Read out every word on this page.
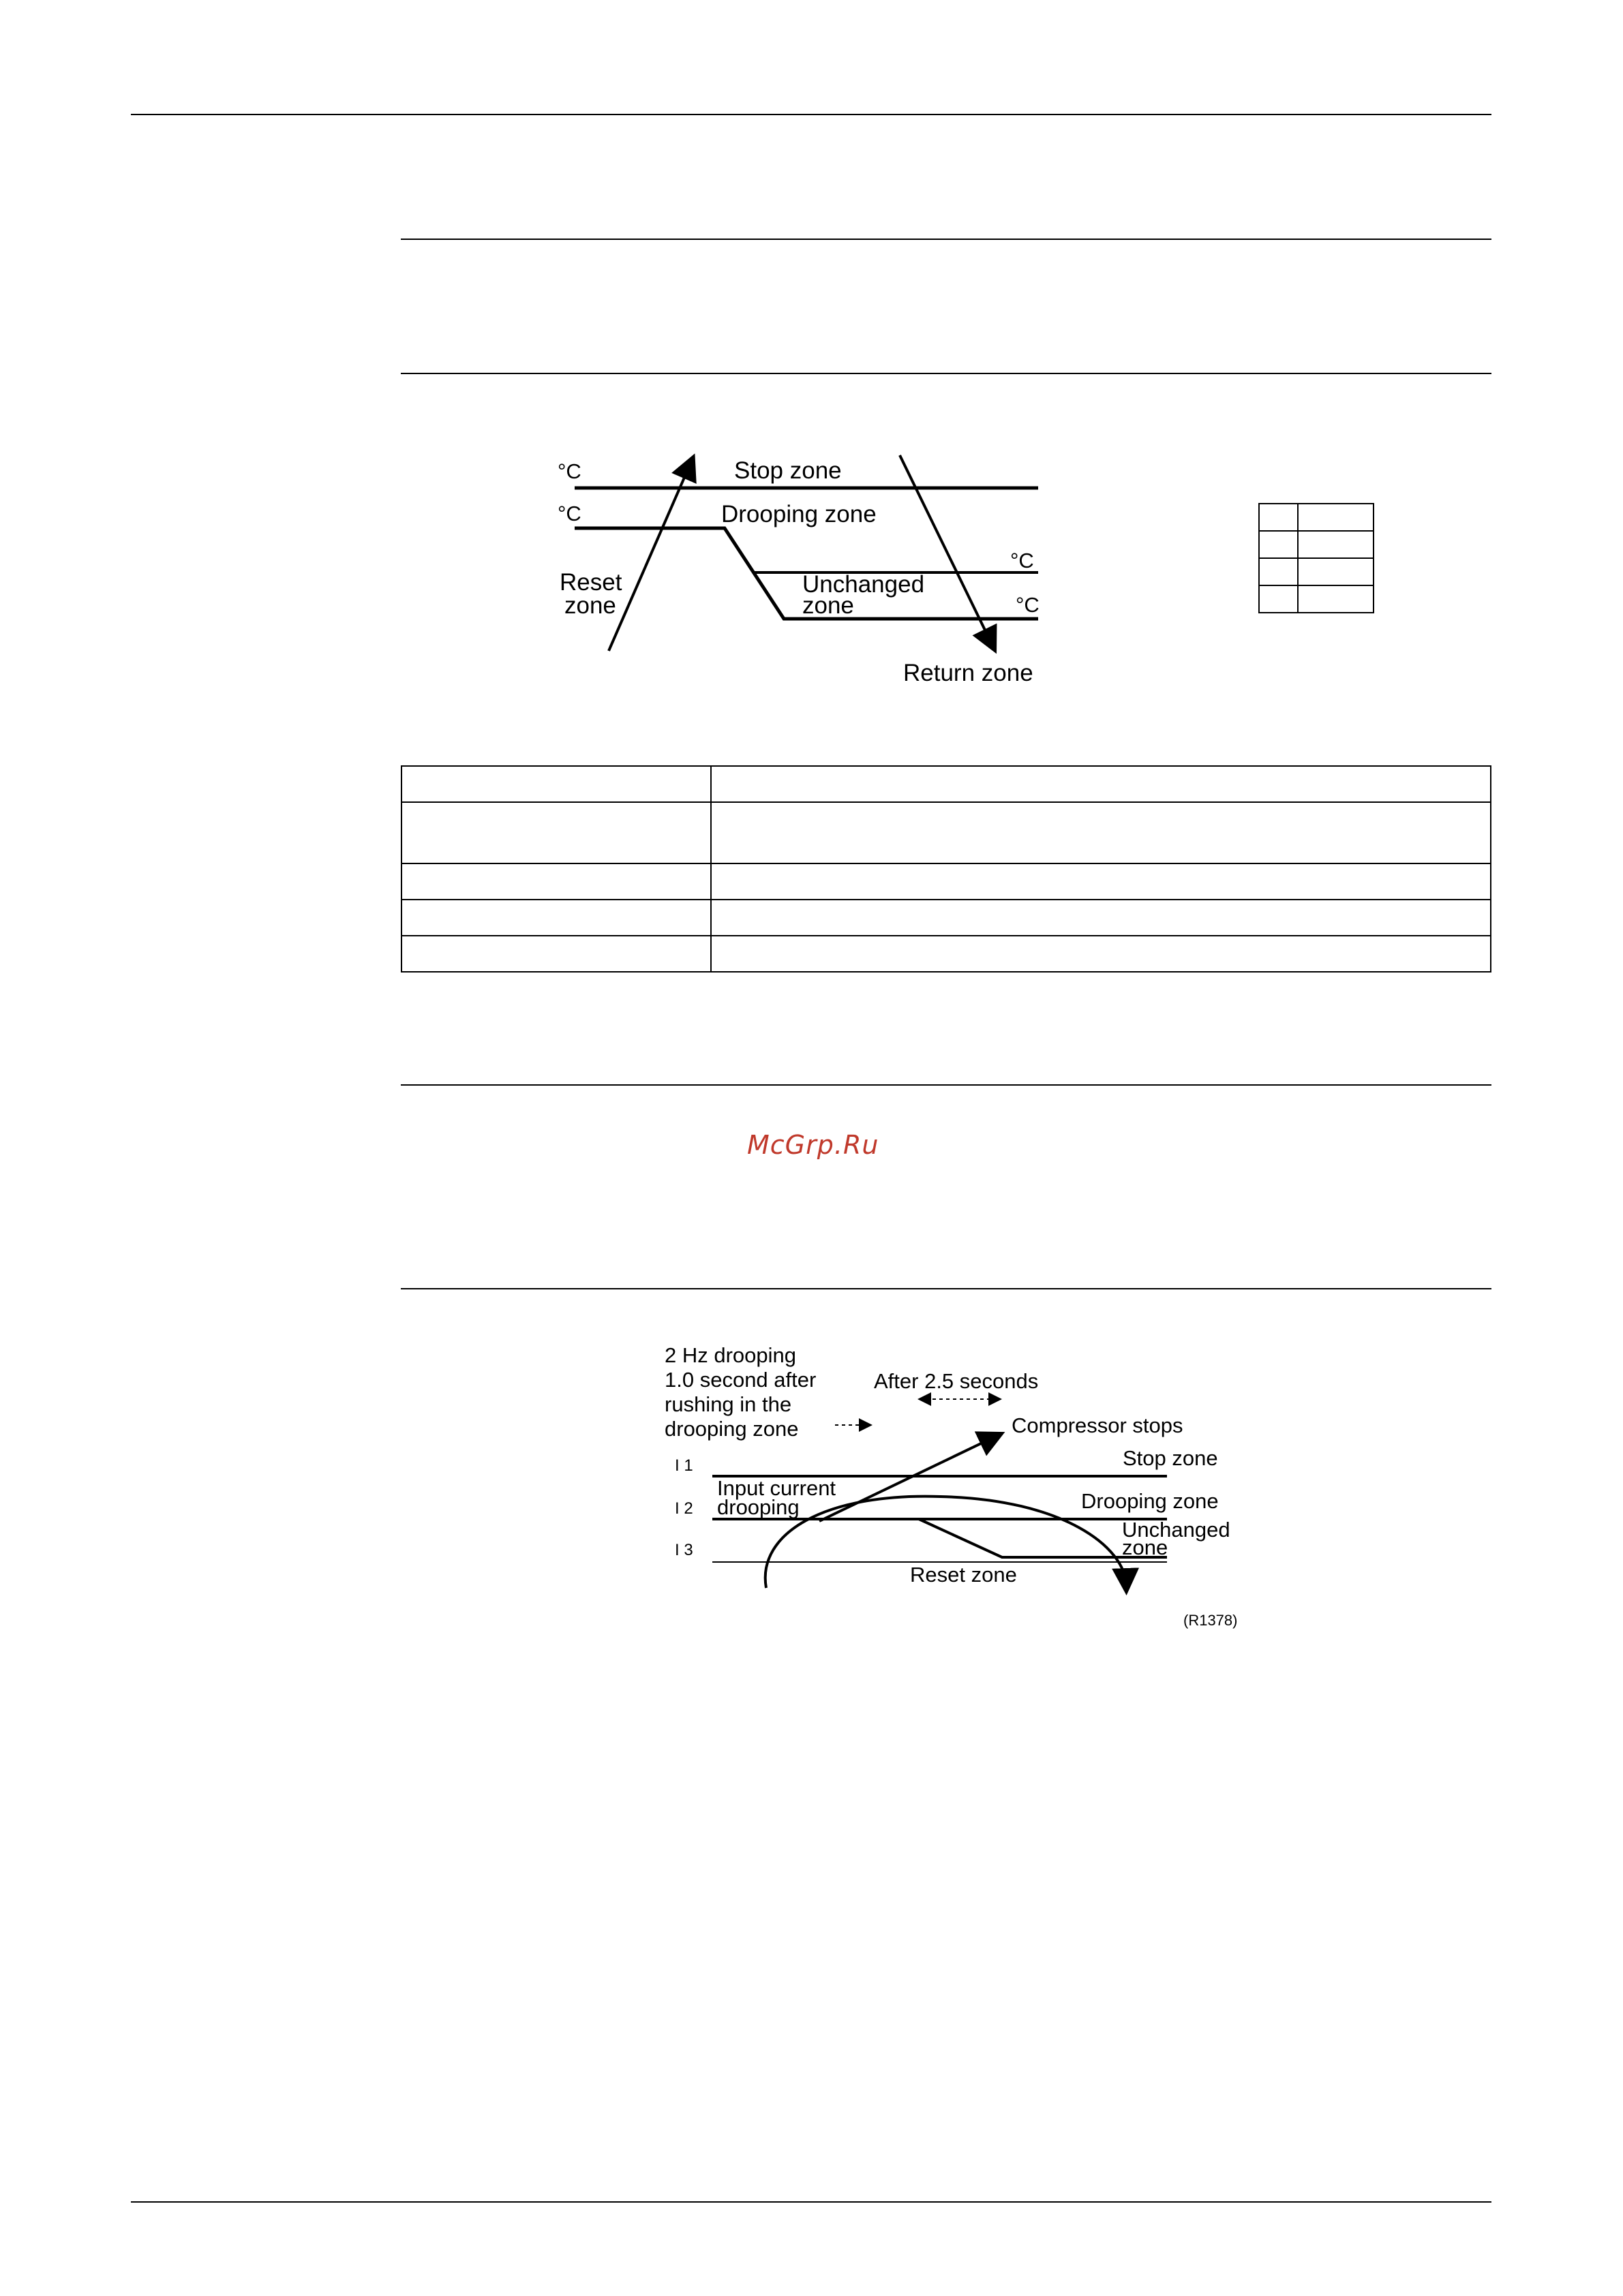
°C
°C
°C
°C
Stop zone
Drooping zone
Unchanged
zone
Reset
zone
Return zone

McGrp.Ru
2 Hz drooping
1.0 second after
rushing in the
drooping zone
After 2.5 seconds
Compressor stops
Stop zone
Drooping zone
Unchanged
zone
Input current
drooping
Reset zone
I 1
I 2
I 3
(R1378)
